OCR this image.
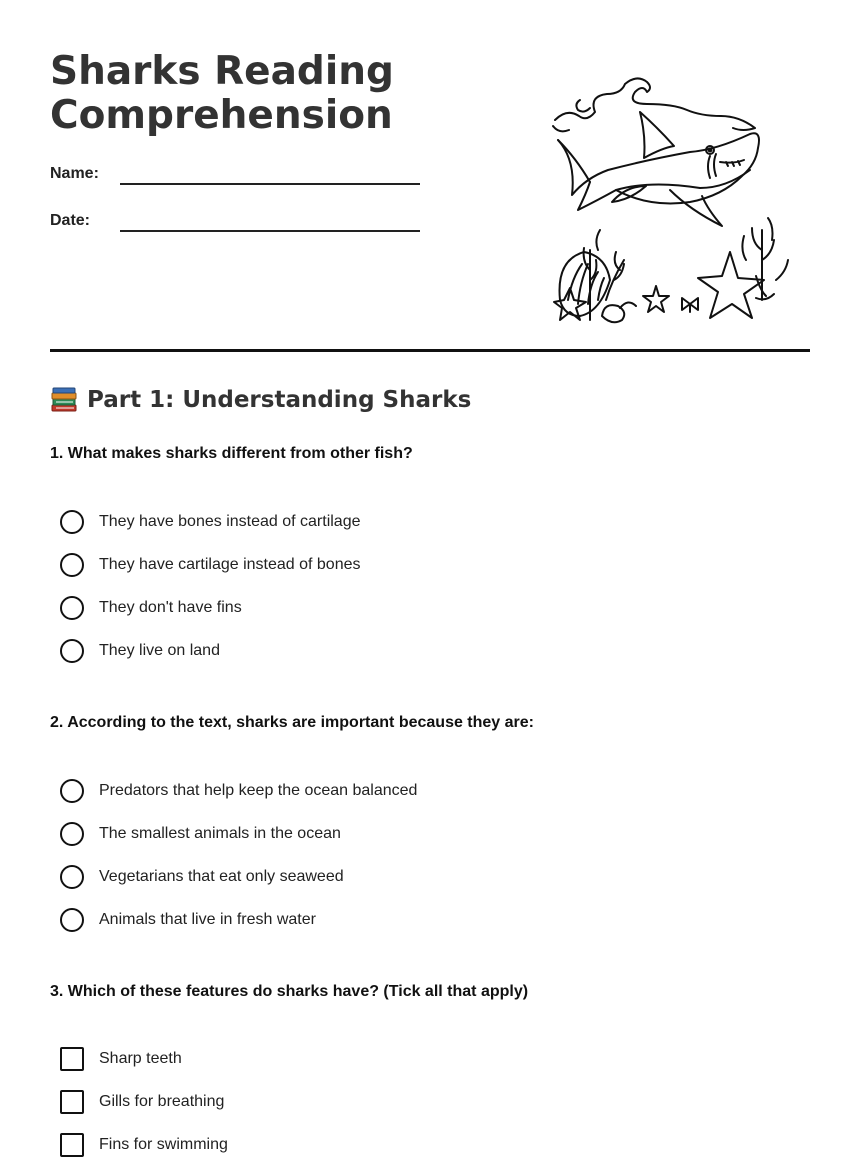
Sharks Reading Comprehension
Name:
Date:
Part 1: Understanding Sharks

1. What makes sharks different from other fish?

They have bones instead of cartilage
They have cartilage instead of bones
They don't have fins
They live on land

2. According to the text, sharks are important because they are:

Predators that help keep the ocean balanced
The smallest animals in the ocean
Vegetarians that eat only seaweed
Animals that live in fresh water

3. Which of these features do sharks have? (Tick all that apply)

Sharp teeth
Gills for breathing
Fins for swimming
